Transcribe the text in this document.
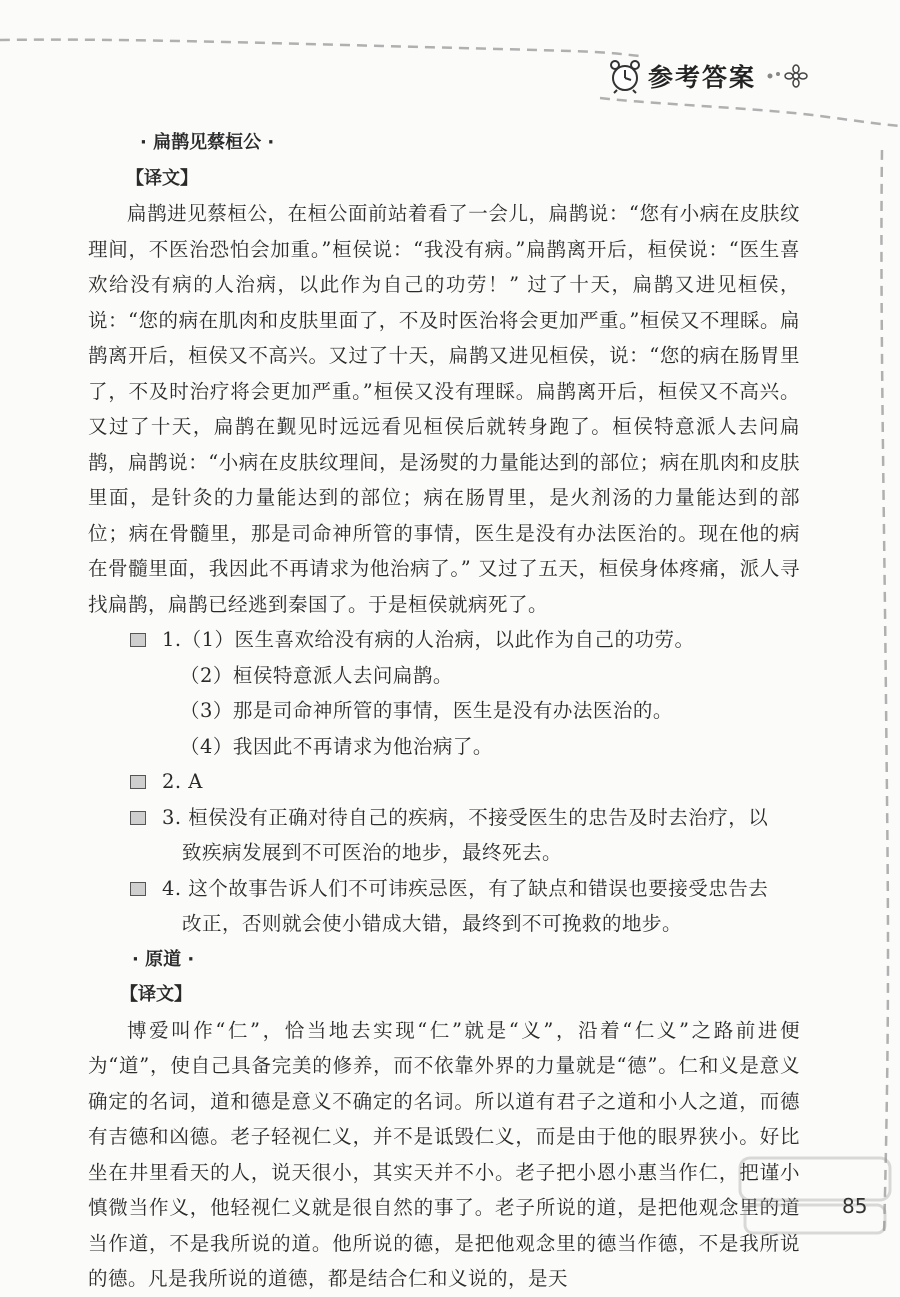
参考答案
· 扁鹊见蔡桓公 ·
【译文】
扁鹊进见蔡桓公，在桓公面前站着看了一会儿，扁鹊说：“您有小病在皮肤纹理间，不医治恐怕会加重。”桓侯说：“我没有病。”扁鹊离开后，桓侯说：“医生喜欢给没有病的人治病，以此作为自己的功劳！” 过了十天，扁鹊又进见桓侯，说：“您的病在肌肉和皮肤里面了，不及时医治将会更加严重。”桓侯又不理睬。扁鹊离开后，桓侯又不高兴。又过了十天，扁鹊又进见桓侯，说：“您的病在肠胃里了，不及时治疗将会更加严重。”桓侯又没有理睬。扁鹊离开后，桓侯又不高兴。又过了十天，扁鹊在觐见时远远看见桓侯后就转身跑了。桓侯特意派人去问扁鹊，扁鹊说：“小病在皮肤纹理间，是汤熨的力量能达到的部位；病在肌肉和皮肤里面，是针灸的力量能达到的部位；病在肠胃里，是火剂汤的力量能达到的部位；病在骨髓里，那是司命神所管的事情，医生是没有办法医治的。现在他的病在骨髓里面，我因此不再请求为他治病了。” 又过了五天，桓侯身体疼痛，派人寻找扁鹊，扁鹊已经逃到秦国了。于是桓侯就病死了。
1.（1）医生喜欢给没有病的人治病，以此作为自己的功劳。
（2）桓侯特意派人去问扁鹊。
（3）那是司命神所管的事情，医生是没有办法医治的。
（4）我因此不再请求为他治病了。
2. A
3. 桓侯没有正确对待自己的疾病，不接受医生的忠告及时去治疗，以
致疾病发展到不可医治的地步，最终死去。
4. 这个故事告诉人们不可讳疾忌医，有了缺点和错误也要接受忠告去
改正，否则就会使小错成大错，最终到不可挽救的地步。
· 原道 ·
【译文】
博爱叫作“仁”，恰当地去实现“仁”就是“义”，沿着“仁义”之路前进便为“道”，使自己具备完美的修养，而不依靠外界的力量就是“德”。仁和义是意义确定的名词，道和德是意义不确定的名词。所以道有君子之道和小人之道，而德有吉德和凶德。老子轻视仁义，并不是诋毁仁义，而是由于他的眼界狭小。好比坐在井里看天的人，说天很小，其实天并不小。老子把小恩小惠当作仁，把谨小慎微当作义，他轻视仁义就是很自然的事了。老子所说的道，是把他观念里的道当作道，不是我所说的道。他所说的德，是把他观念里的德当作德，不是我所说的德。凡是我所说的道德，都是结合仁和义说的，是天
85
